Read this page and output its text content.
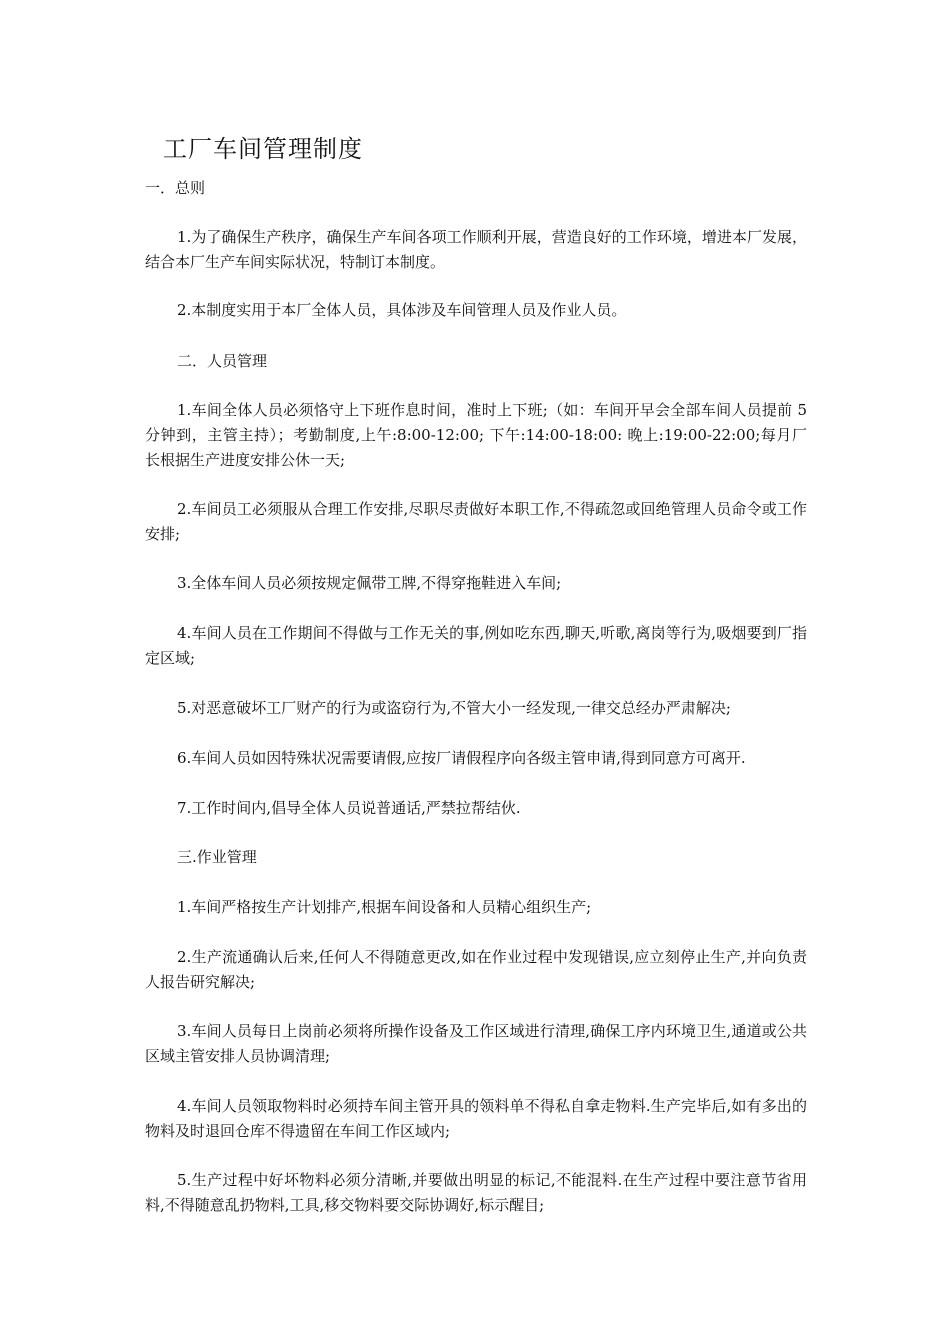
工厂车间管理制度
一．总则
1.为了确保生产秩序，确保生产车间各项工作顺利开展，营造良好的工作环境，增进本厂发展，结合本厂生产车间实际状况，特制订本制度。
2.本制度实用于本厂全体人员，具体涉及车间管理人员及作业人员。
二．人员管理
1.车间全体人员必须恪守上下班作息时间，准时上下班;（如：车间开早会全部车间人员提前 5 分钟到，主管主持）；考勤制度,上午:8:00-12:00; 下午:14:00-18:00: 晚上:19:00-22:00;每月厂长根据生产进度安排公休一天;
2.车间员工必须服从合理工作安排,尽职尽责做好本职工作,不得疏忽或回绝管理人员命令或工作安排;
3.全体车间人员必须按规定佩带工牌,不得穿拖鞋进入车间;
4.车间人员在工作期间不得做与工作无关的事,例如吃东西,聊天,听歌,离岗等行为,吸烟要到厂指定区域;
5.对恶意破坏工厂财产的行为或盗窃行为,不管大小一经发现,一律交总经办严肃解决;
6.车间人员如因特殊状况需要请假,应按厂请假程序向各级主管申请,得到同意方可离开.
7.工作时间内,倡导全体人员说普通话,严禁拉帮结伙.
三.作业管理
1.车间严格按生产计划排产,根据车间设备和人员精心组织生产;
2.生产流通确认后来,任何人不得随意更改,如在作业过程中发现错误,应立刻停止生产,并向负责人报告研究解决;
3.车间人员每日上岗前必须将所操作设备及工作区域进行清理,确保工序内环境卫生,通道或公共区域主管安排人员协调清理;
4.车间人员领取物料时必须持车间主管开具的领料单不得私自拿走物料.生产完毕后,如有多出的物料及时退回仓库不得遗留在车间工作区域内;
5.生产过程中好坏物料必须分清晰,并要做出明显的标记,不能混料.在生产过程中要注意节省用料,不得随意乱扔物料,工具,移交物料要交际协调好,标示醒目;
